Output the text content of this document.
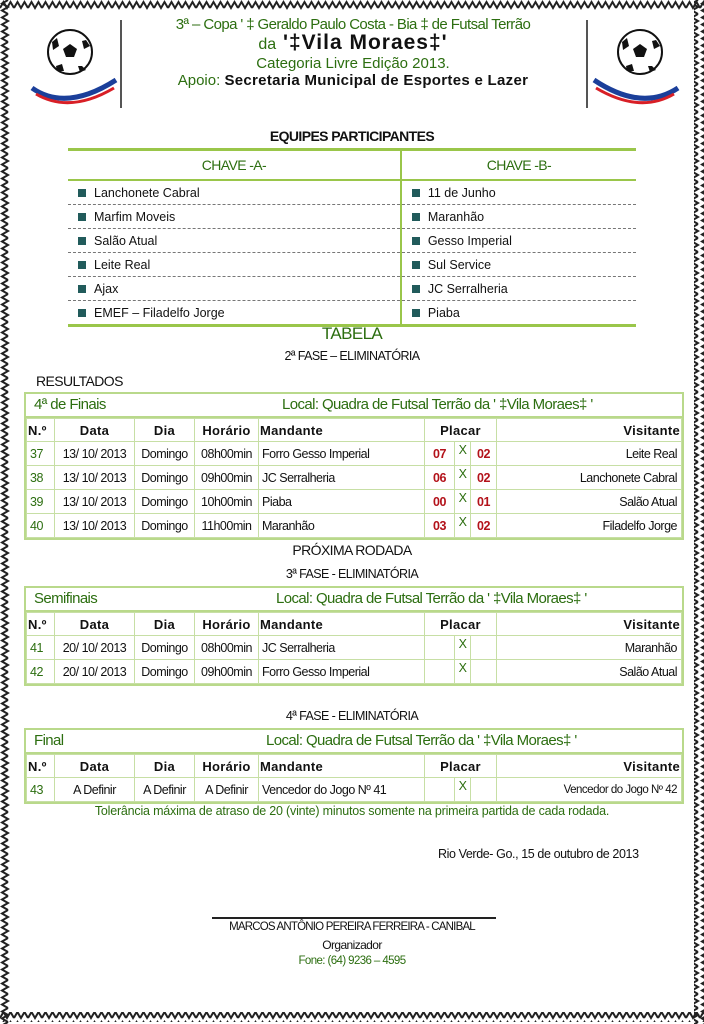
3ª – Copa ' ‡ Geraldo Paulo Costa - Bia ‡ de Futsal Terrão
da '‡Vila Moraes‡'
Categoria Livre Edição 2013.
Apoio: Secretaria Municipal de Esportes e Lazer
EQUIPES PARTICIPANTES
CHAVE -A-	CHAVE -B-
Lanchonete Cabral	11 de Junho
Marfim Moveis	Maranhão
Salão Atual	Gesso Imperial
Leite Real	Sul Service
Ajax	JC Serralheria
EMEF – Filadelfo Jorge	Piaba
TABELA
2ª FASE – ELIMINATÓRIA
RESULTADOS
4ª de Finais	Local: Quadra de Futsal Terrão da ' ‡Vila Moraes‡ '
N.º	Data	Dia	Horário	Mandante	Placar			Visitante
37	13/ 10/ 2013	Domingo	08h00min	Forro Gesso Imperial	07	X	02	Leite Real
38	13/ 10/ 2013	Domingo	09h00min	JC Serralheria	06	X	02	Lanchonete Cabral
39	13/ 10/ 2013	Domingo	10h00min	Piaba	00	X	01	Salão Atual
40	13/ 10/ 2013	Domingo	11h00min	Maranhão	03	X	02	Filadelfo Jorge
PRÓXIMA RODADA
3ª FASE - ELIMINATÓRIA
Semifinais	Local: Quadra de Futsal Terrão da ' ‡Vila Moraes‡ '
N.º	Data	Dia	Horário	Mandante	Placar			Visitante
41	20/ 10/ 2013	Domingo	08h00min	JC Serralheria		X		Maranhão
42	20/ 10/ 2013	Domingo	09h00min	Forro Gesso Imperial		X		Salão Atual
4ª FASE - ELIMINATÓRIA
Final	Local: Quadra de Futsal Terrão da ' ‡Vila Moraes‡ '
N.º	Data	Dia	Horário	Mandante	Placar			Visitante
43	A Definir	A Definir	A Definir	Vencedor do Jogo Nº 41		X		Vencedor do Jogo Nº 42
Tolerância máxima de atraso de 20 (vinte) minutos somente na primeira partida de cada rodada.
Rio Verde- Go., 15 de outubro de 2013
MARCOS ANTÔNIO PEREIRA FERREIRA - CANIBAL
Organizador
Fone: (64) 9236 – 4595
